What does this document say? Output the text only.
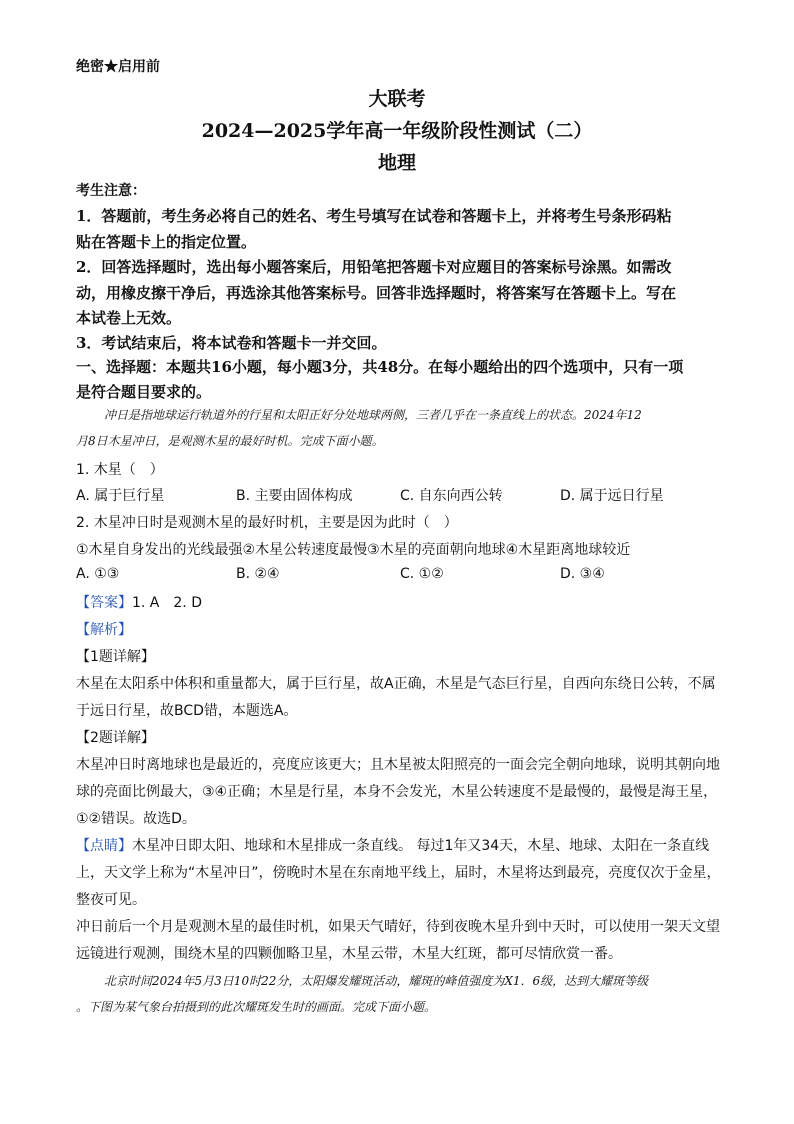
绝密★启用前
大联考
2024—2025学年高一年级阶段性测试（二）
地理
考生注意：
1．答题前，考生务必将自己的姓名、考生号填写在试卷和答题卡上，并将考生号条形码粘
贴在答题卡上的指定位置。
2．回答选择题时，选出每小题答案后，用铅笔把答题卡对应题目的答案标号涂黑。如需改
动，用橡皮擦干净后，再选涂其他答案标号。回答非选择题时，将答案写在答题卡上。写在
本试卷上无效。
3．考试结束后，将本试卷和答题卡一并交回。
一、选择题：本题共16小题，每小题3分，共48分。在每小题给出的四个选项中，只有一项
是符合题目要求的。
冲日是指地球运行轨道外的行星和太阳正好分处地球两侧，三者几乎在一条直线上的状态。2024年12
月8日木星冲日，是观测木星的最好时机。完成下面小题。
1. 木星（　）
A. 属于巨行星	B. 主要由固体构成	C. 自东向西公转	D. 属于远日行星
2. 木星冲日时是观测木星的最好时机，主要是因为此时（　）
①木星自身发出的光线最强②木星公转速度最慢③木星的亮面朝向地球④木星距离地球较近
A. ①③	B. ②④	C. ①②	D. ③④
【答案】1. A　2. D
【解析】
【1题详解】
木星在太阳系中体积和重量都大，属于巨行星，故A正确，木星是气态巨行星，自西向东绕日公转，不属
于远日行星，故BCD错，本题选A。
【2题详解】
木星冲日时离地球也是最近的，亮度应该更大；且木星被太阳照亮的一面会完全朝向地球，说明其朝向地
球的亮面比例最大，③④正确；木星是行星，本身不会发光，木星公转速度不是最慢的，最慢是海王星，
①②错误。故选D。
【点睛】木星冲日即太阳、地球和木星排成一条直线。 每过1年又34天，木星、地球、太阳在一条直线
上，天文学上称为“木星冲日”，傍晚时木星在东南地平线上，届时，木星将达到最亮，亮度仅次于金星，
整夜可见。
冲日前后一个月是观测木星的最佳时机，如果天气晴好，待到夜晚木星升到中天时，可以使用一架天文望
远镜进行观测，围绕木星的四颗伽略卫星，木星云带，木星大红斑，都可尽情欣赏一番。
北京时间2024年5月3日10时22分，太阳爆发耀斑活动，耀斑的峰值强度为X1．6级，达到大耀斑等级
。下图为某气象台拍摄到的此次耀斑发生时的画面。完成下面小题。
